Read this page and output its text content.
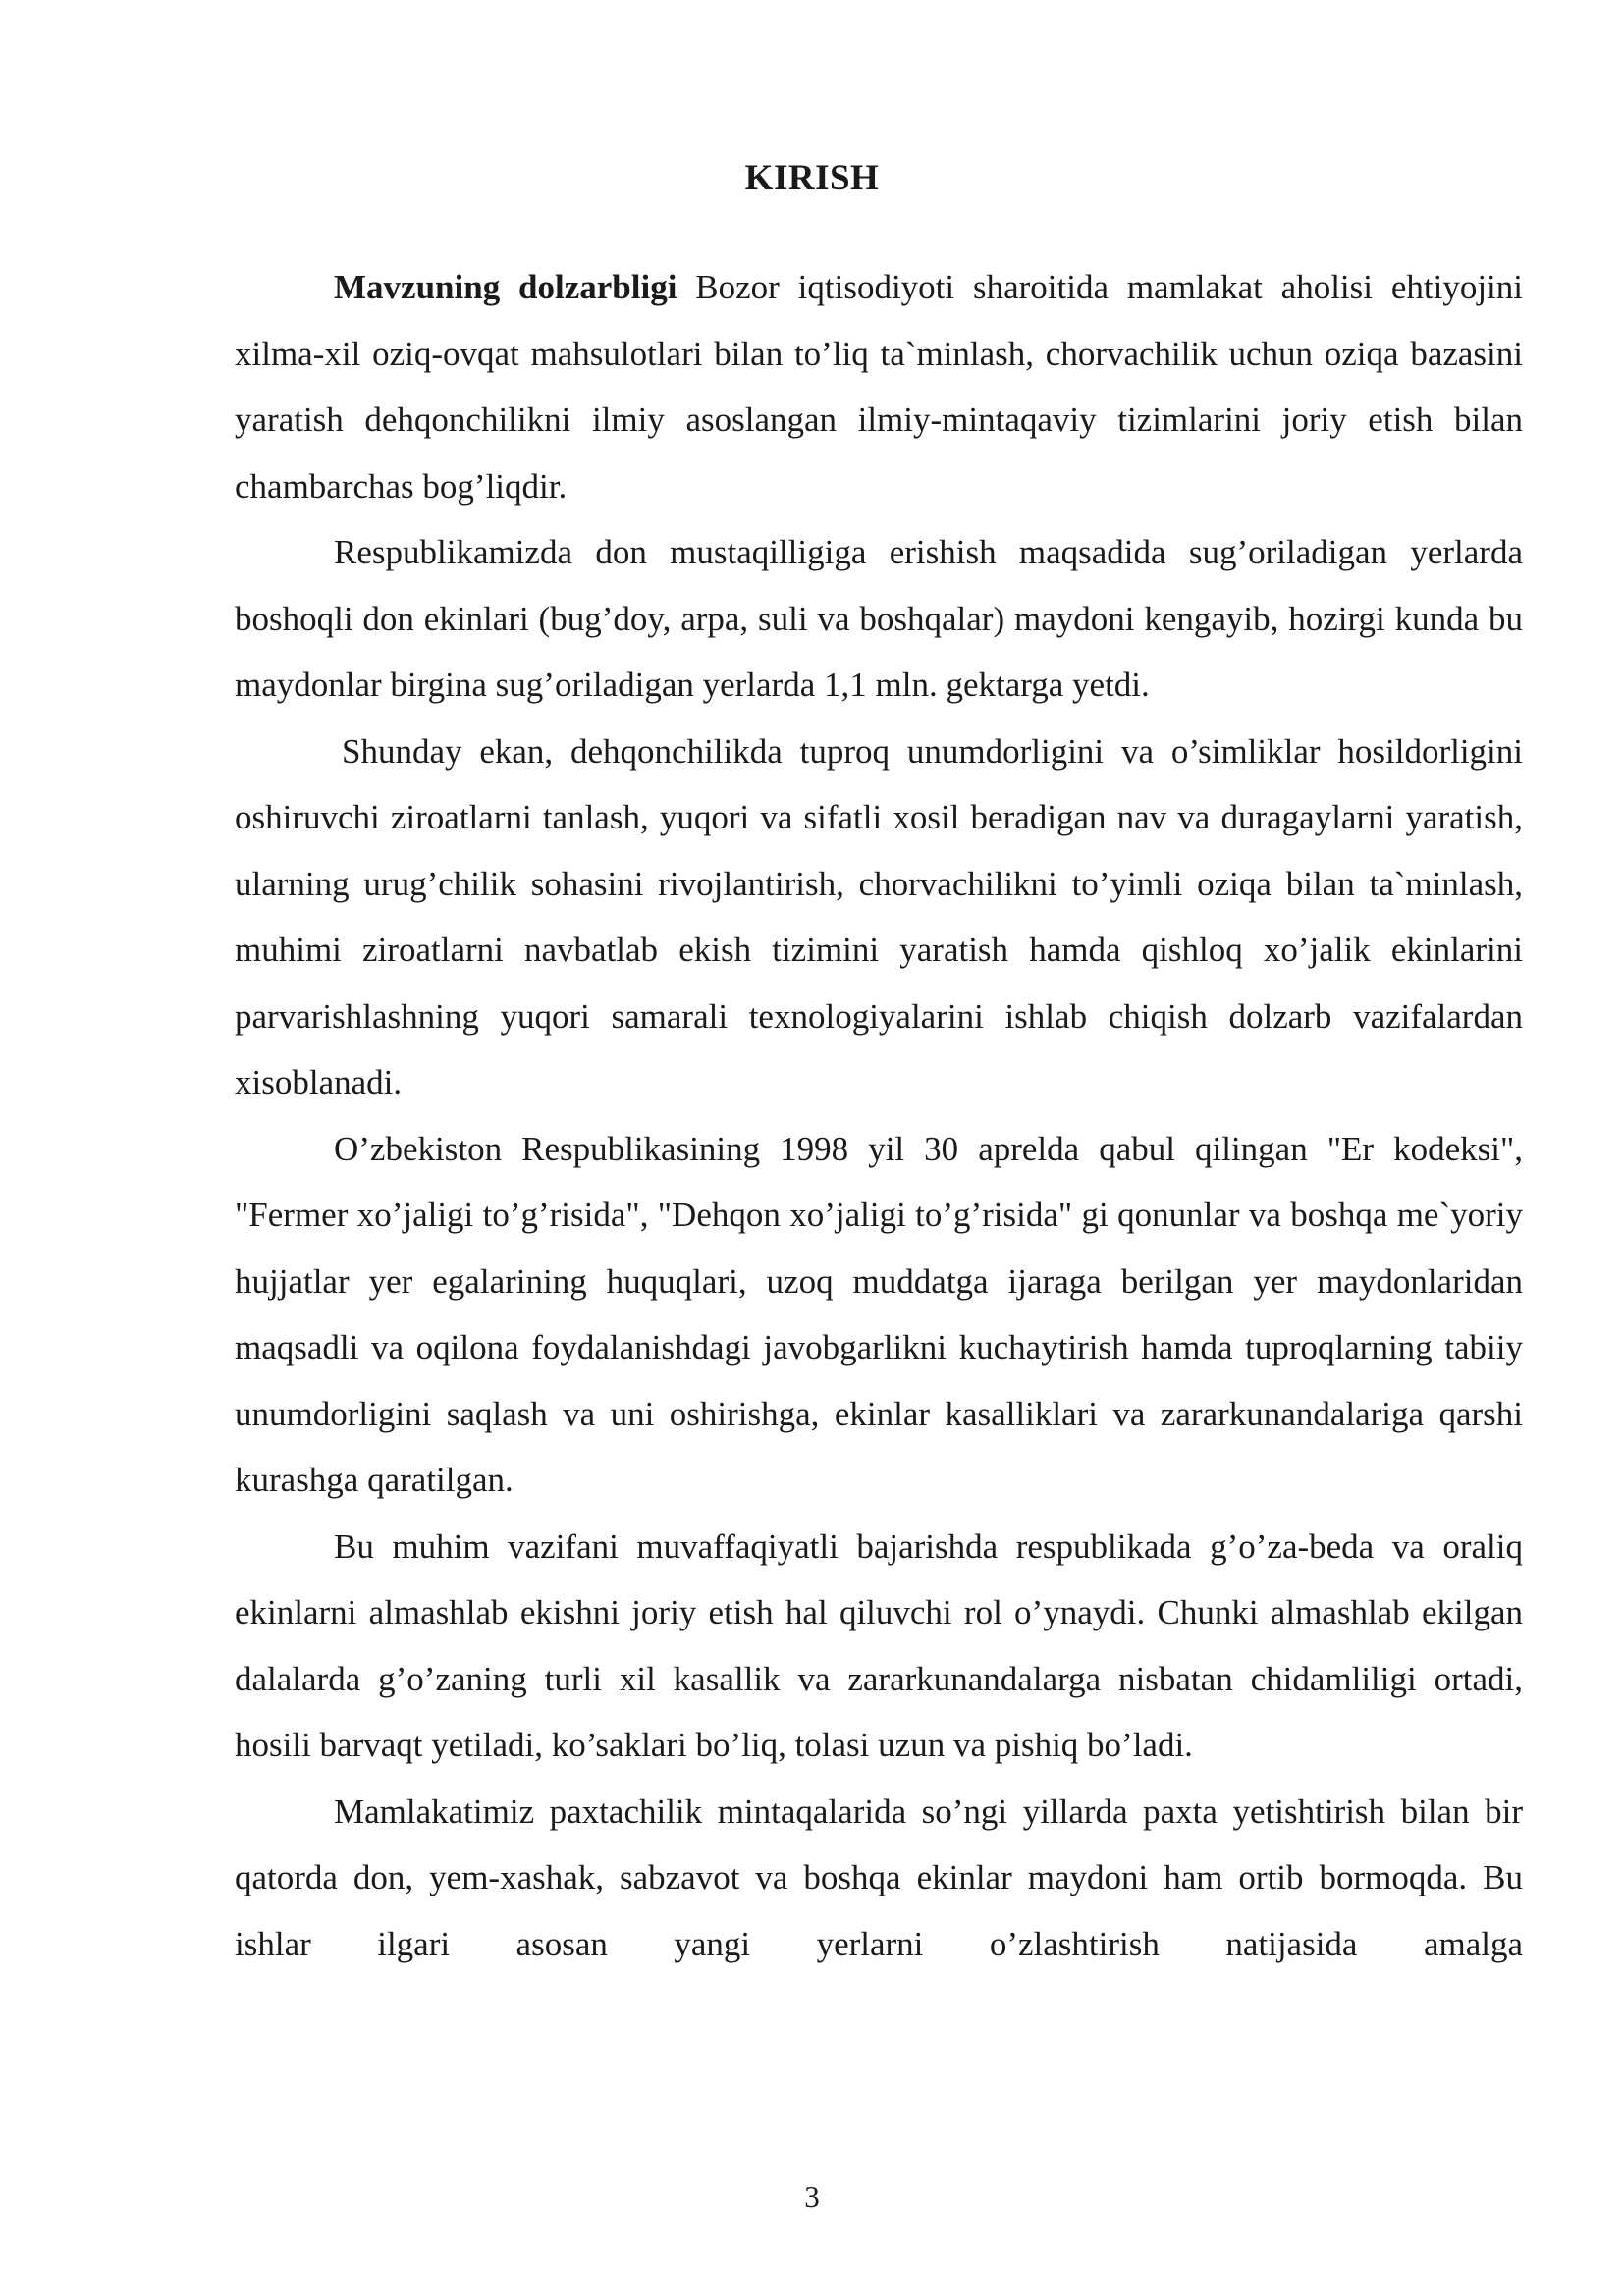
KIRISH

Mavzuning dolzarbligi Bozor iqtisodiyoti sharoitida mamlakat aholisi ehtiyojini xilma-xil oziq-ovqat mahsulotlari bilan to’liq ta`minlash, chorvachilik uchun oziqa bazasini yaratish dehqonchilikni ilmiy asoslangan ilmiy-mintaqaviy tizimlarini joriy etish bilan chambarchas bog’liqdir.

Respublikamizda don mustaqilligiga erishish maqsadida sug’oriladigan yerlarda boshoqli don ekinlari (bug’doy, arpa, suli va boshqalar) maydoni kengayib, hozirgi kunda bu maydonlar birgina sug’oriladigan yerlarda 1,1 mln. gektarga yetdi.

Shunday ekan, dehqonchilikda tuproq unumdorligini va o’simliklar hosildorligini oshiruvchi ziroatlarni tanlash, yuqori va sifatli xosil beradigan nav va duragaylarni yaratish, ularning urug’chilik sohasini rivojlantirish, chorvachilikni to’yimli oziqa bilan ta`minlash, muhimi ziroatlarni navbatlab ekish tizimini yaratish hamda qishloq xo’jalik ekinlarini parvarishlashning yuqori samarali texnologiyalarini ishlab chiqish dolzarb vazifalardan xisoblanadi.

O’zbekiston Respublikasining 1998 yil 30 aprelda qabul qilingan "Er kodeksi", "Fermer xo’jaligi to’g’risida", "Dehqon xo’jaligi to’g’risida" gi qonunlar va boshqa me`yoriy hujjatlar yer egalarining huquqlari, uzoq muddatga ijaraga berilgan yer maydonlaridan maqsadli va oqilona foydalanishdagi javobgarlikni kuchaytirish hamda tuproqlarning tabiiy unumdorligini saqlash va uni oshirishga, ekinlar kasalliklari va zararkunandalariga qarshi kurashga qaratilgan.

Bu muhim vazifani muvaffaqiyatli bajarishda respublikada g’o’za-beda va oraliq ekinlarni almashlab ekishni joriy etish hal qiluvchi rol o’ynaydi. Chunki almashlab ekilgan dalalarda g’o’zaning turli xil kasallik va zararkunandalarga nisbatan chidamliligi ortadi, hosili barvaqt yetiladi, ko’saklari bo’liq, tolasi uzun va pishiq bo’ladi.

Mamlakatimiz paxtachilik mintaqalarida so’ngi yillarda paxta yetishtirish bilan bir qatorda don, yem-xashak, sabzavot va boshqa ekinlar maydoni ham ortib bormoqda. Bu ishlar ilgari asosan yangi yerlarni o’zlashtirish natijasida amalga

3
